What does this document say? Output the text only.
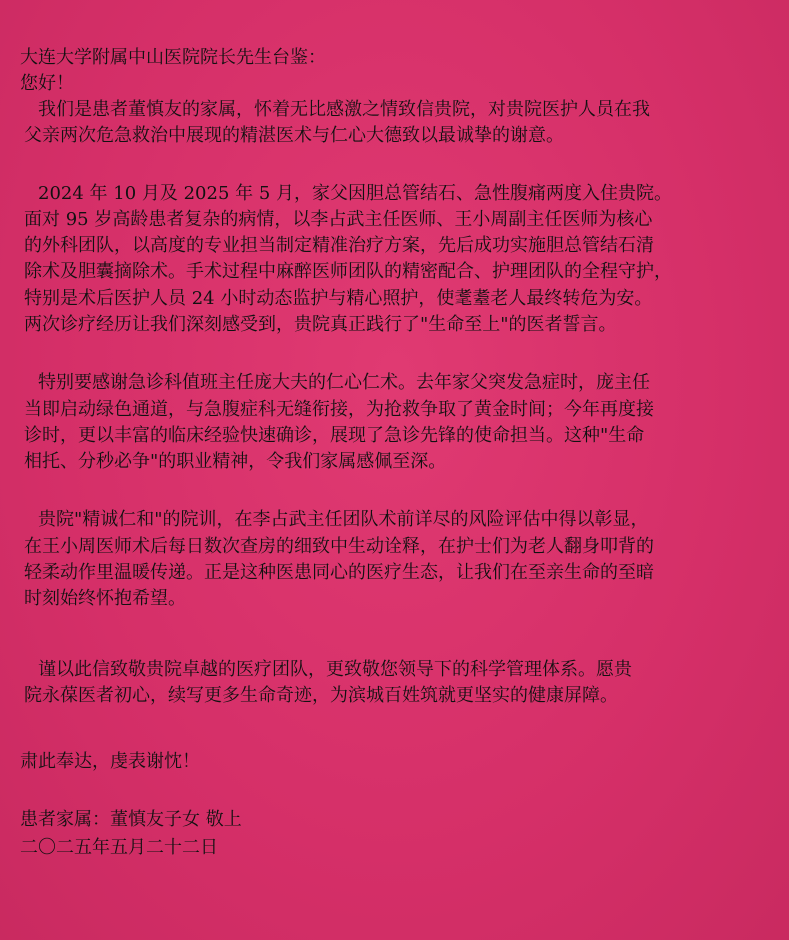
大连大学附属中山医院院长先生台鉴：
您好！
我们是患者董慎友的家属，怀着无比感激之情致信贵院，对贵院医护人员在我
父亲两次危急救治中展现的精湛医术与仁心大德致以最诚挚的谢意。
2024 年 10 月及 2025 年 5 月，家父因胆总管结石、急性腹痛两度入住贵院。
面对 95 岁高龄患者复杂的病情，以李占武主任医师、王小周副主任医师为核心
的外科团队，以高度的专业担当制定精准治疗方案，先后成功实施胆总管结石清
除术及胆囊摘除术。手术过程中麻醉医师团队的精密配合、护理团队的全程守护，
特别是术后医护人员 24 小时动态监护与精心照护，使耄耋老人最终转危为安。
两次诊疗经历让我们深刻感受到，贵院真正践行了"生命至上"的医者誓言。
特别要感谢急诊科值班主任庞大夫的仁心仁术。去年家父突发急症时，庞主任
当即启动绿色通道，与急腹症科无缝衔接，为抢救争取了黄金时间；今年再度接
诊时，更以丰富的临床经验快速确诊，展现了急诊先锋的使命担当。这种"生命
相托、分秒必争"的职业精神，令我们家属感佩至深。
贵院"精诚仁和"的院训，在李占武主任团队术前详尽的风险评估中得以彰显，
在王小周医师术后每日数次查房的细致中生动诠释，在护士们为老人翻身叩背的
轻柔动作里温暖传递。正是这种医患同心的医疗生态，让我们在至亲生命的至暗
时刻始终怀抱希望。
谨以此信致敬贵院卓越的医疗团队，更致敬您领导下的科学管理体系。愿贵
院永葆医者初心，续写更多生命奇迹，为滨城百姓筑就更坚实的健康屏障。
肃此奉达，虔表谢忱！
患者家属：董慎友子女 敬上
二〇二五年五月二十二日
